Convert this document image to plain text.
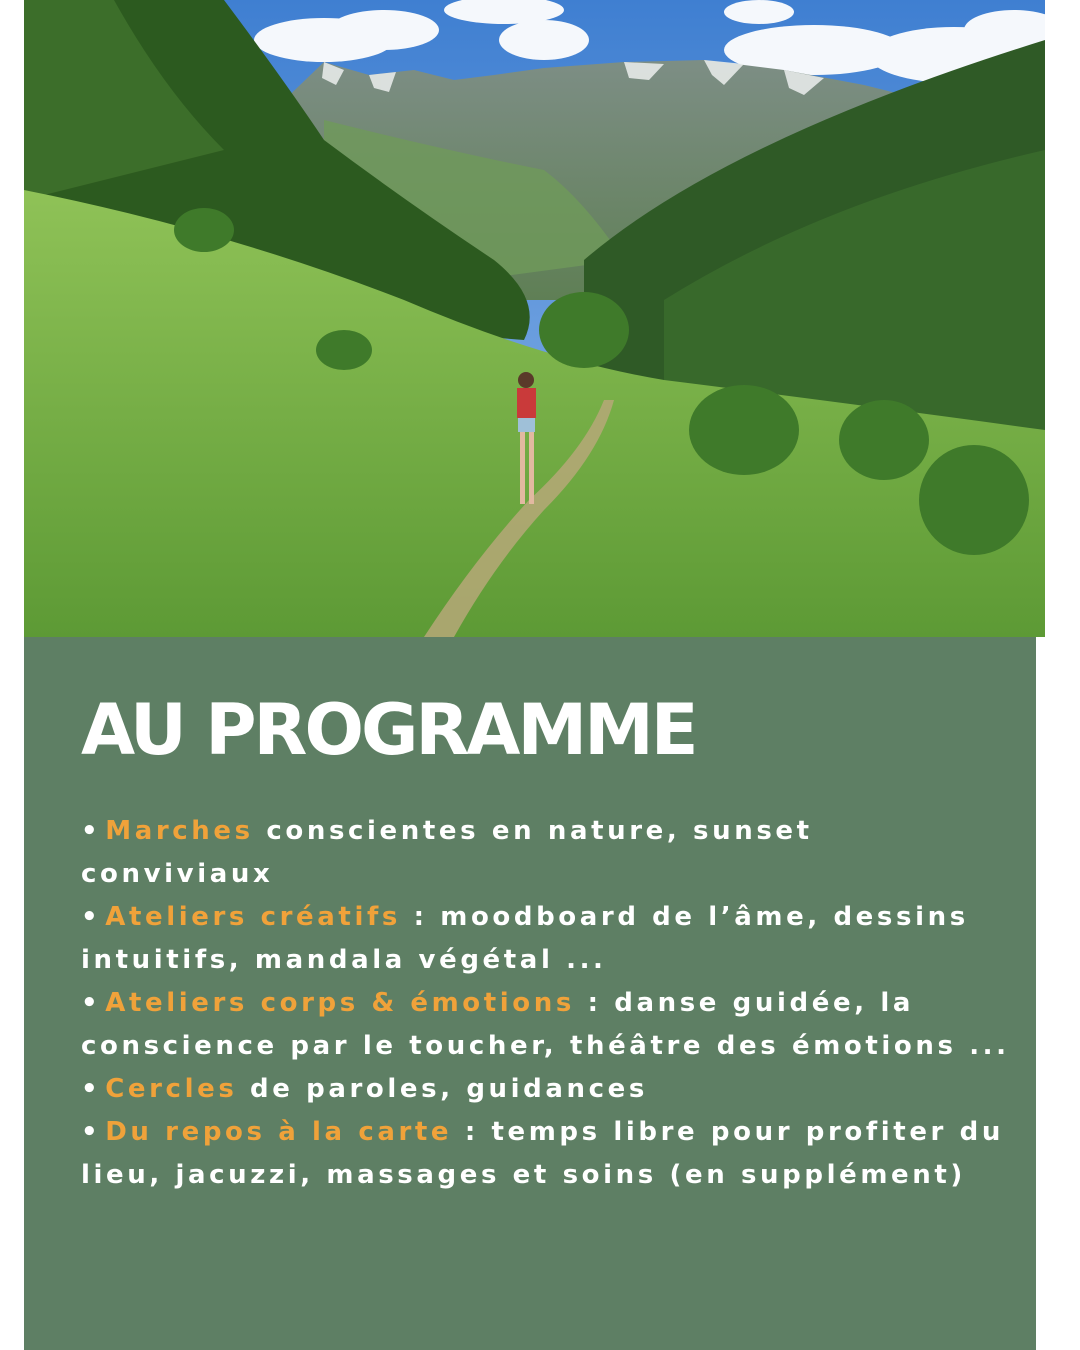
AU PROGRAMME
• Marches conscientes en nature, sunset conviviaux
• Ateliers créatifs : moodboard de l’âme, dessins intuitifs, mandala végétal ...
• Ateliers corps & émotions : danse guidée, la conscience par le toucher, théâtre des émotions ...
• Cercles de paroles, guidances
• Du repos à la carte : temps libre pour profiter du lieu, jacuzzi, massages et soins (en supplément)
